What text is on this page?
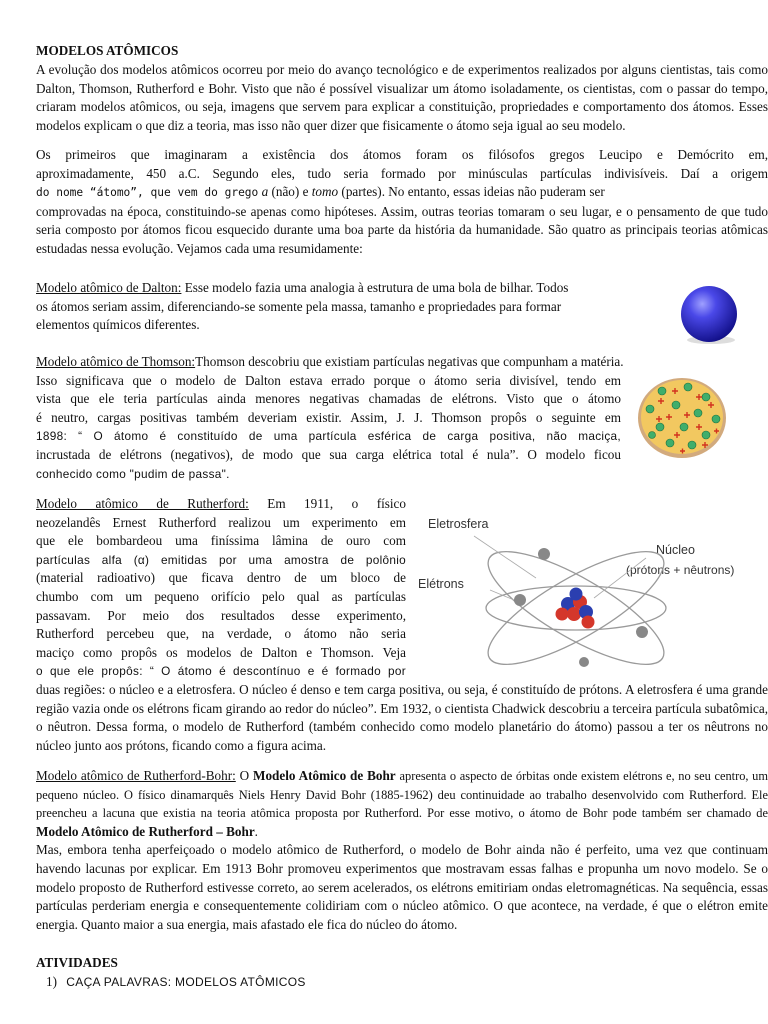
MODELOS ATÔMICOS

A evolução dos modelos atômicos ocorreu por meio do avanço tecnológico e de experimentos realizados por alguns cientistas, tais como Dalton, Thomson, Rutherford e Bohr. Visto que não é possível visualizar um átomo isoladamente, os cientistas, com o passar do tempo, criaram modelos atômicos, ou seja, imagens que servem para explicar a constituição, propriedades e comportamento dos átomos. Esses modelos explicam o que diz a teoria, mas isso não quer dizer que fisicamente o átomo seja igual ao seu modelo.

Os primeiros que imaginaram a existência dos átomos foram os filósofos gregos Leucipo e Demócrito em,
aproximadamente, 450 a.C. Segundo eles, tudo seria formado por minúsculas partículas indivisíveis. Daí a origem
do nome “átomo”, que vem do grego a (não) e tomo (partes). No entanto, essas ideias não puderam ser

comprovadas na época, constituindo-se apenas como hipóteses. Assim, outras teorias tomaram o seu lugar, e o pensamento de que tudo seria composto por átomos ficou esquecido durante uma boa parte da história da humanidade. São quatro as principais teorias atômicas estudadas nessa evolução. Vejamos cada uma resumidamente:

Modelo atômico de Dalton: Esse modelo fazia uma analogia à estrutura de uma bola de bilhar. Todos
os átomos seriam assim, diferenciando-se somente pela massa, tamanho e propriedades para formar
elementos químicos diferentes.
Modelo atômico de Thomson:Thomson descobriu que existiam partículas negativas que compunham a matéria.
Isso significava que o modelo de Dalton estava errado porque o átomo seria divisível, tendo em
vista que ele teria partículas ainda menores negativas chamadas de elétrons. Visto que o átomo
é neutro, cargas positivas também deveriam existir. Assim, J. J. Thomson propôs o seguinte em
1898: “ O átomo é constituído de uma partícula esférica de carga positiva, não maciça,
incrustada de elétrons (negativos), de modo que sua carga elétrica total é nula”. O modelo ficou
conhecido como "pudim de passa".
Modelo atômico de Rutherford: Em 1911, o físico
neozelandês Ernest Rutherford realizou um experimento em
que ele bombardeou uma finíssima lâmina de ouro com
partículas alfa (α) emitidas por uma amostra de polônio
(material radioativo) que ficava dentro de um bloco de
chumbo com um pequeno orifício pelo qual as partículas
passavam. Por meio dos resultados desse experimento,
Rutherford percebeu que, na verdade, o átomo não seria
maciço como propôs os modelos de Dalton e Thomson. Veja
o que ele propôs: “ O átomo é descontínuo e é formado por

duas regiões: o núcleo e a eletrosfera. O núcleo é denso e tem carga positiva, ou seja, é constituído de prótons. A eletrosfera é uma grande região vazia onde os elétrons ficam girando ao redor do núcleo”. Em 1932, o cientista Chadwick descobriu a terceira partícula subatômica, o nêutron. Dessa forma, o modelo de Rutherford (também conhecido como modelo planetário do átomo) passou a ter os nêutrons no núcleo junto aos prótons, ficando como a figura acima.

Eletrosfera
Núcleo
(prótons + nêutrons)
Elétrons

Modelo atômico de Rutherford-Bohr: O Modelo Atômico de Bohr apresenta o aspecto de órbitas onde existem elétrons e, no seu centro, um pequeno núcleo. O físico dinamarquês Niels Henry David Bohr (1885-1962) deu continuidade ao trabalho desenvolvido com Rutherford. Ele preencheu a lacuna que existia na teoria atômica proposta por Rutherford. Por esse motivo, o átomo de Bohr pode também ser chamado de Modelo Atômico de Rutherford – Bohr.

Mas, embora tenha aperfeiçoado o modelo atômico de Rutherford, o modelo de Bohr ainda não é perfeito, uma vez que continuam havendo lacunas por explicar. Em 1913 Bohr promoveu experimentos que mostravam essas falhas e propunha um novo modelo. Se o modelo proposto de Rutherford estivesse correto, ao serem acelerados, os elétrons emitiriam ondas eletromagnéticas. Na sequência, essas partículas perderiam energia e consequentemente colidiriam com o núcleo atômico. O que acontece, na verdade, é que o elétron emite energia. Quanto maior a sua energia, mais afastado ele fica do núcleo do átomo.

ATIVIDADES
1) CAÇA PALAVRAS: MODELOS ATÔMICOS
